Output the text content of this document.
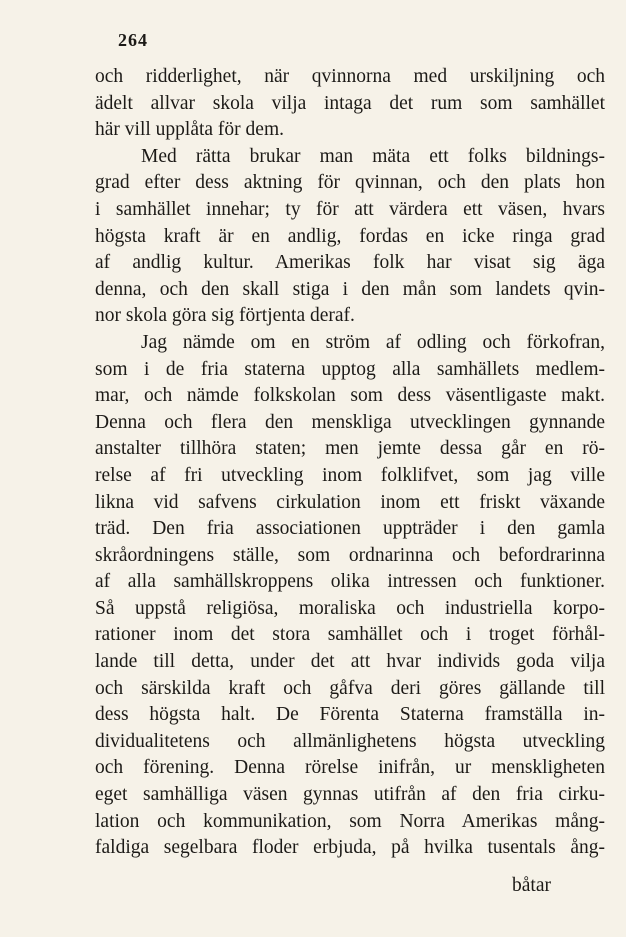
264
och ridderlighet, när qvinnorna med urskiljning och
ädelt allvar skola vilja intaga det rum som samhället
här vill upplåta för dem.
Med rätta brukar man mäta ett folks bildnings-
grad efter dess aktning för qvinnan, och den plats hon
i samhället innehar; ty för att värdera ett väsen, hvars
högsta kraft är en andlig, fordas en icke ringa grad
af andlig kultur. Amerikas folk har visat sig äga
denna, och den skall stiga i den mån som landets qvin-
nor skola göra sig förtjenta deraf.
Jag nämde om en ström af odling och förkofran,
som i de fria staterna upptog alla samhällets medlem-
mar, och nämde folkskolan som dess väsentligaste makt.
Denna och flera den menskliga utvecklingen gynnande
anstalter tillhöra staten; men jemte dessa går en rö-
relse af fri utveckling inom folklifvet, som jag ville
likna vid safvens cirkulation inom ett friskt växande
träd. Den fria associationen uppträder i den gamla
skråordningens ställe, som ordnarinna och befordrarinna
af alla samhällskroppens olika intressen och funktioner.
Så uppstå religiösa, moraliska och industriella korpo-
rationer inom det stora samhället och i troget förhål-
lande till detta, under det att hvar individs goda vilja
och särskilda kraft och gåfva deri göres gällande till
dess högsta halt. De Förenta Staterna framställa in-
dividualitetens och allmänlighetens högsta utveckling
och förening. Denna rörelse inifrån, ur menskligheten
eget samhälliga väsen gynnas utifrån af den fria cirku-
lation och kommunikation, som Norra Amerikas mång-
faldiga segelbara floder erbjuda, på hvilka tusentals ång-
båtar
